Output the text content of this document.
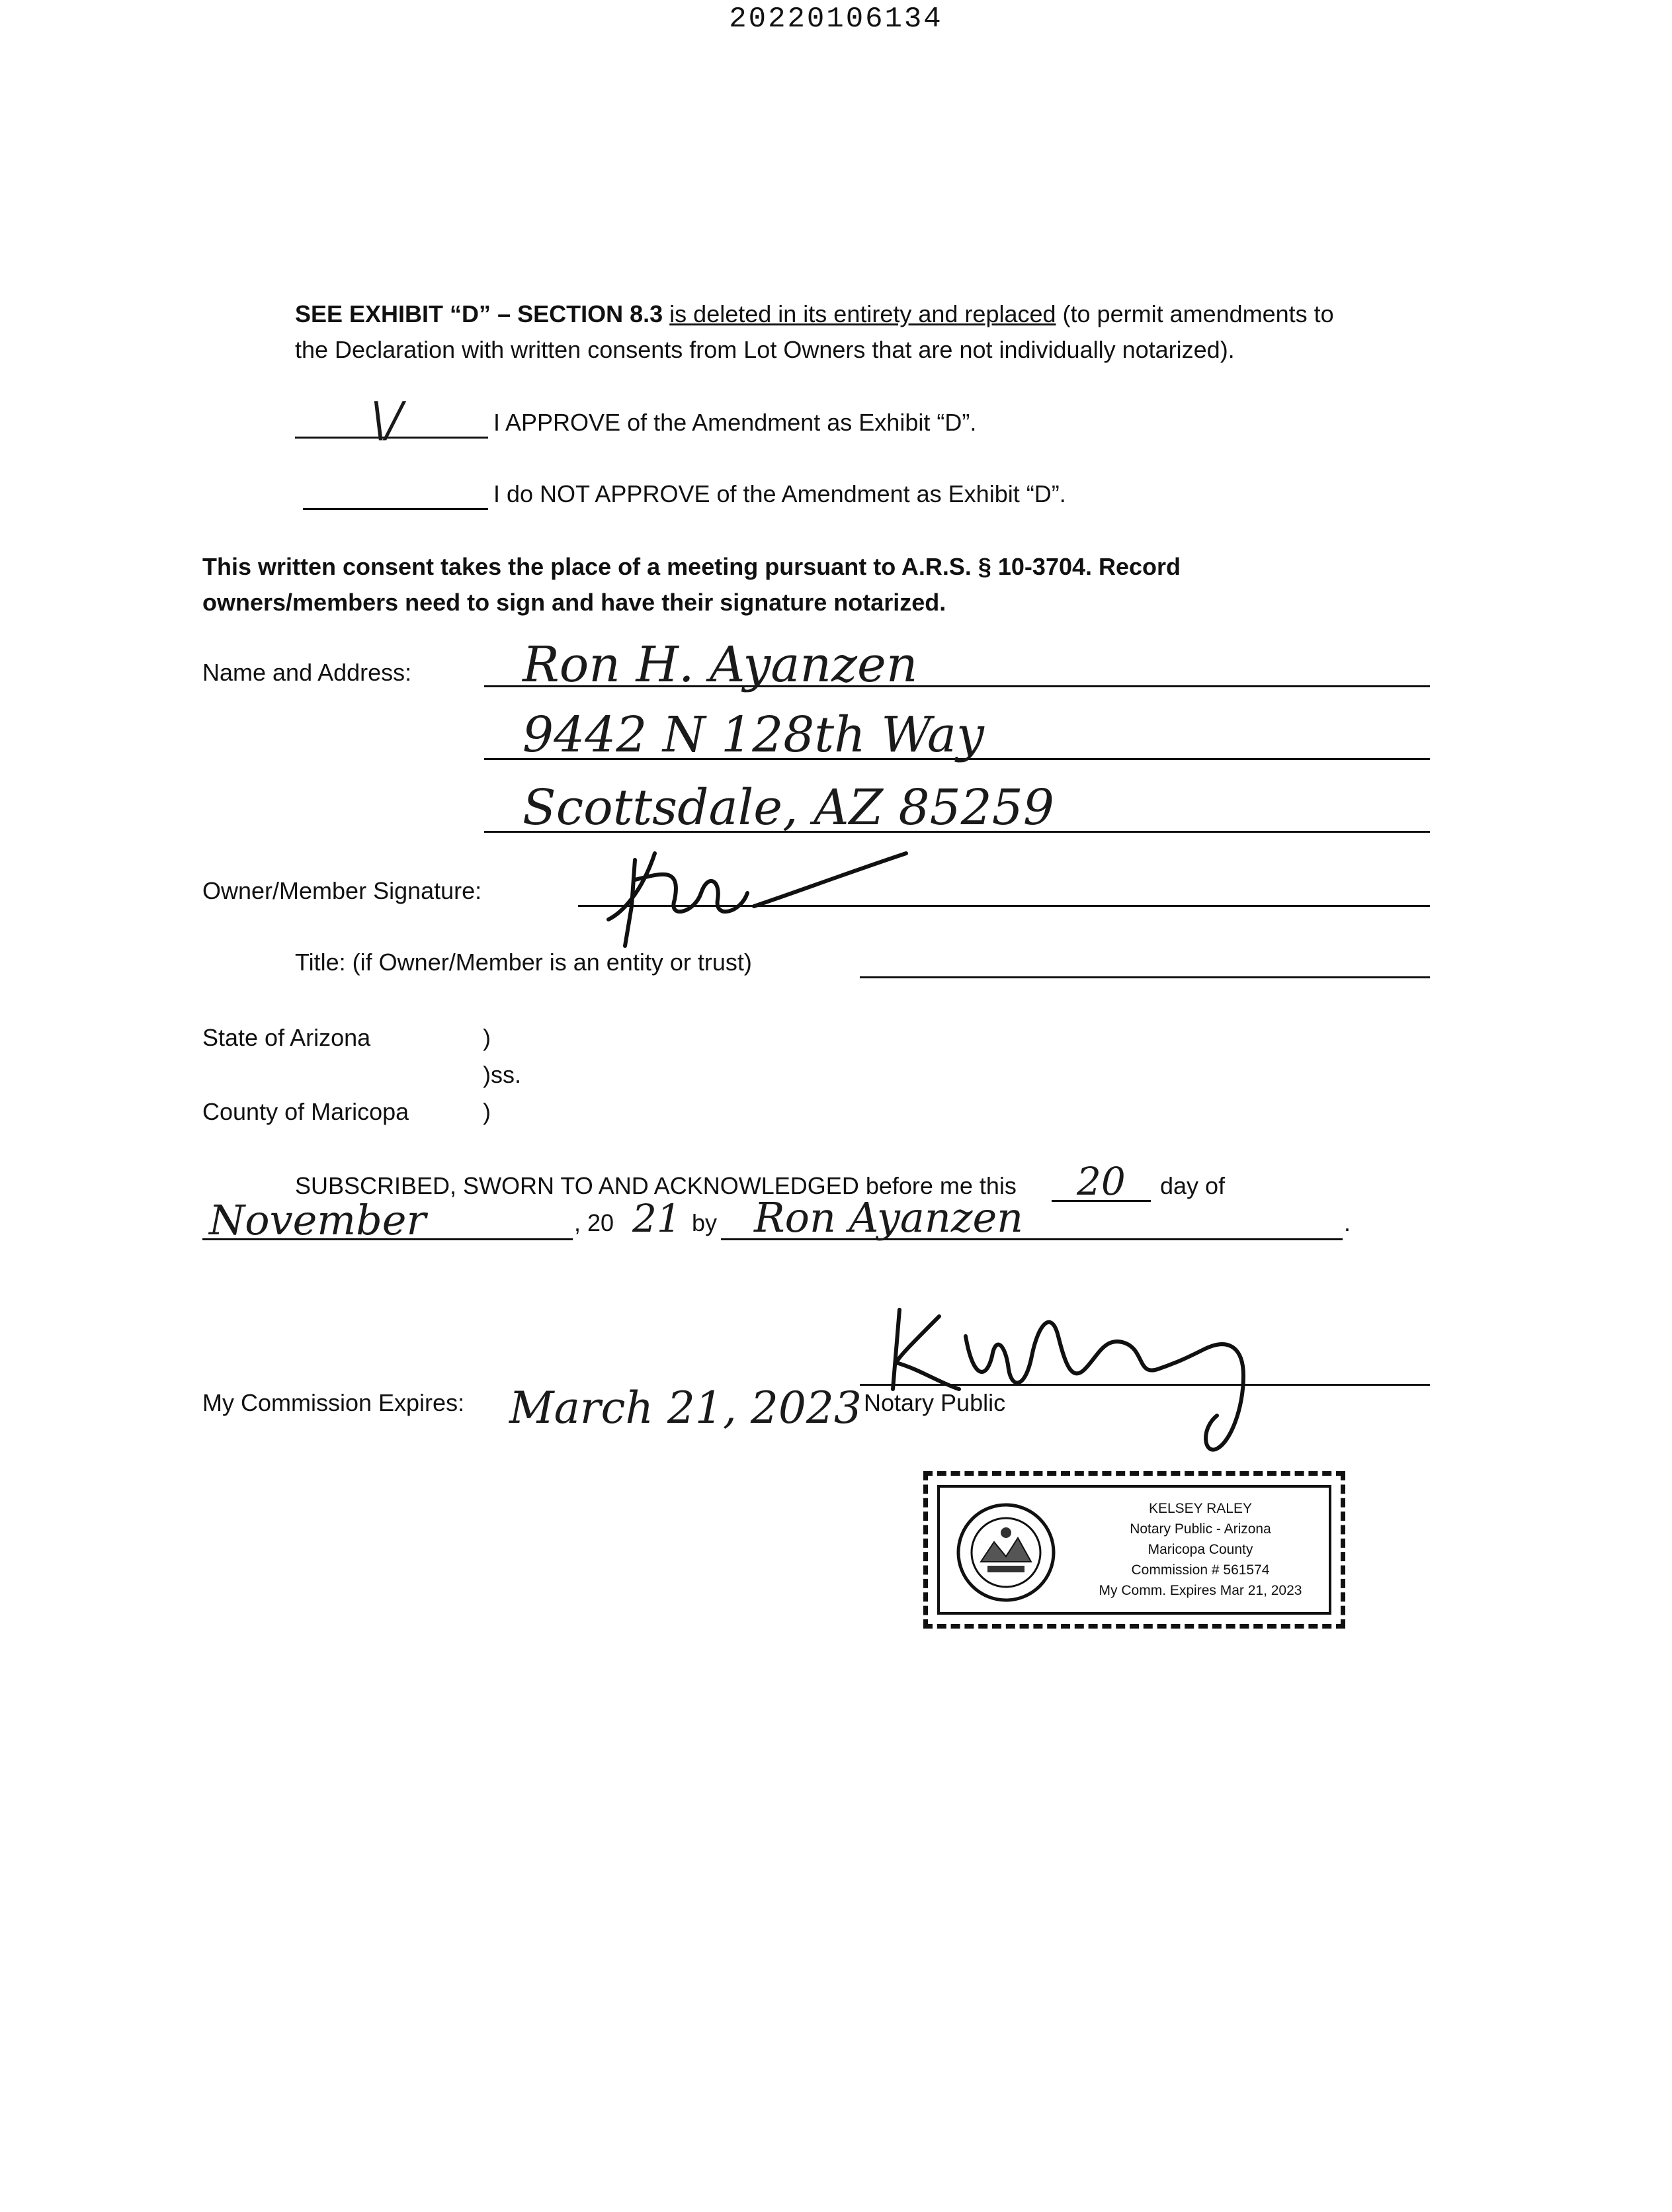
20220106134
SEE EXHIBIT “D” – SECTION 8.3 is deleted in its entirety and replaced (to permit amendments to
the Declaration with written consents from Lot Owners that are not individually notarized).
\/	I APPROVE of the Amendment as Exhibit “D”.
I do NOT APPROVE of the Amendment as Exhibit “D”.
This written consent takes the place of a meeting pursuant to A.R.S. § 10-3704. Record
owners/members need to sign and have their signature notarized.
Name and Address: Ron H. Ayanzen
9442 N 128th Way
Scottsdale, AZ 85259
Owner/Member Signature:
Title: (if Owner/Member is an entity or trust)
State of Arizona	)
)ss.
County of Maricopa	)
SUBSCRIBED, SWORN TO AND ACKNOWLEDGED before me this 20 day of
November	, 20 21 by Ron Ayanzen	.
My Commission Expires: March 21, 2023 Notary Public
KELSEY RALEY
Notary Public - Arizona
Maricopa County
Commission # 561574
My Comm. Expires Mar 21, 2023
